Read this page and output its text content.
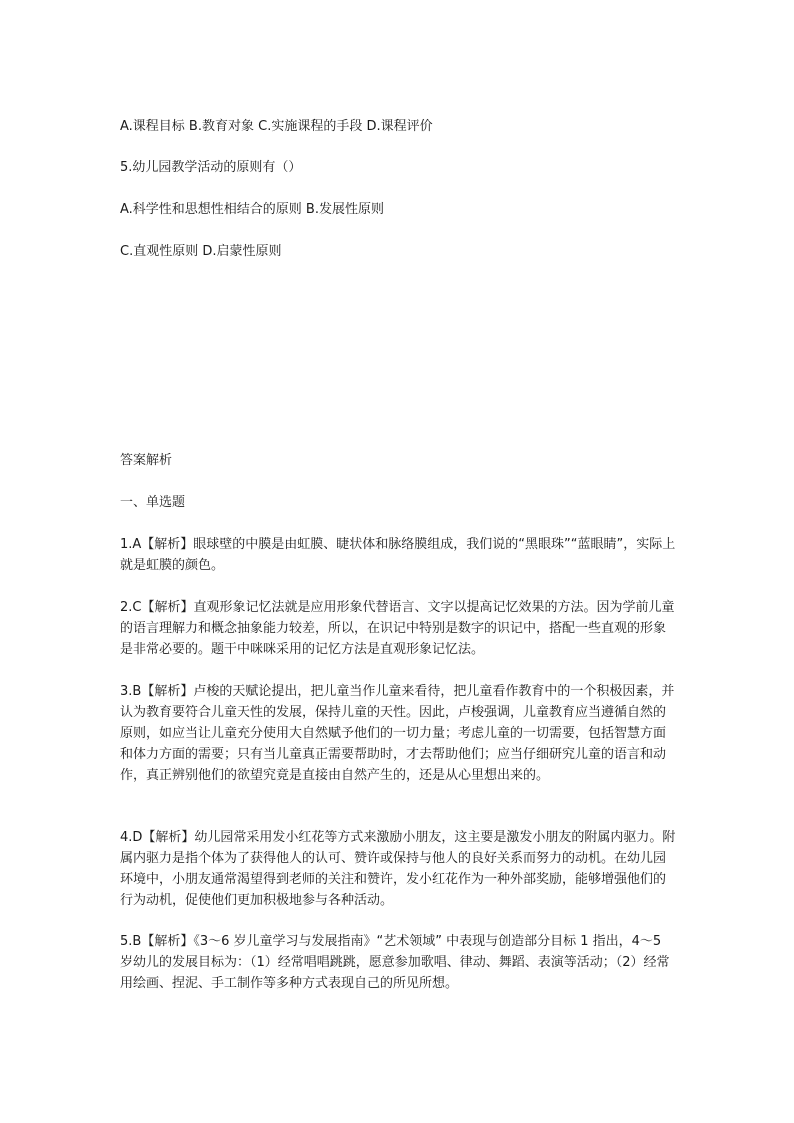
A.课程目标 B.教育对象 C.实施课程的手段 D.课程评价
5.幼儿园教学活动的原则有（）
A.科学性和思想性相结合的原则 B.发展性原则
C.直观性原则 D.启蒙性原则
答案解析
一、单选题
1.A【解析】眼球壁的中膜是由虹膜、睫状体和脉络膜组成，我们说的“黑眼珠”“蓝眼睛”，实际上就是虹膜的颜色。
2.C【解析】直观形象记忆法就是应用形象代替语言、文字以提高记忆效果的方法。因为学前儿童的语言理解力和概念抽象能力较差，所以，在识记中特别是数字的识记中，搭配一些直观的形象是非常必要的。题干中咪咪采用的记忆方法是直观形象记忆法。
3.B【解析】卢梭的天赋论提出，把儿童当作儿童来看待，把儿童看作教育中的一个积极因素，并认为教育要符合儿童天性的发展，保持儿童的天性。因此，卢梭强调，儿童教育应当遵循自然的原则，如应当让儿童充分使用大自然赋予他们的一切力量；考虑儿童的一切需要，包括智慧方面和体力方面的需要；只有当儿童真正需要帮助时，才去帮助他们；应当仔细研究儿童的语言和动作，真正辨别他们的欲望究竟是直接由自然产生的，还是从心里想出来的。
4.D【解析】幼儿园常采用发小红花等方式来激励小朋友，这主要是激发小朋友的附属内驱力。附属内驱力是指个体为了获得他人的认可、赞许或保持与他人的良好关系而努力的动机。在幼儿园环境中，小朋友通常渴望得到老师的关注和赞许，发小红花作为一种外部奖励，能够增强他们的行为动机，促使他们更加积极地参与各种活动。
5.B【解析】《3～6 岁儿童学习与发展指南》“艺术领域” 中表现与创造部分目标 1 指出，4～5 岁幼儿的发展目标为：（1）经常唱唱跳跳，愿意参加歌唱、律动、舞蹈、表演等活动；（2）经常用绘画、捏泥、手工制作等多种方式表现自己的所见所想。
